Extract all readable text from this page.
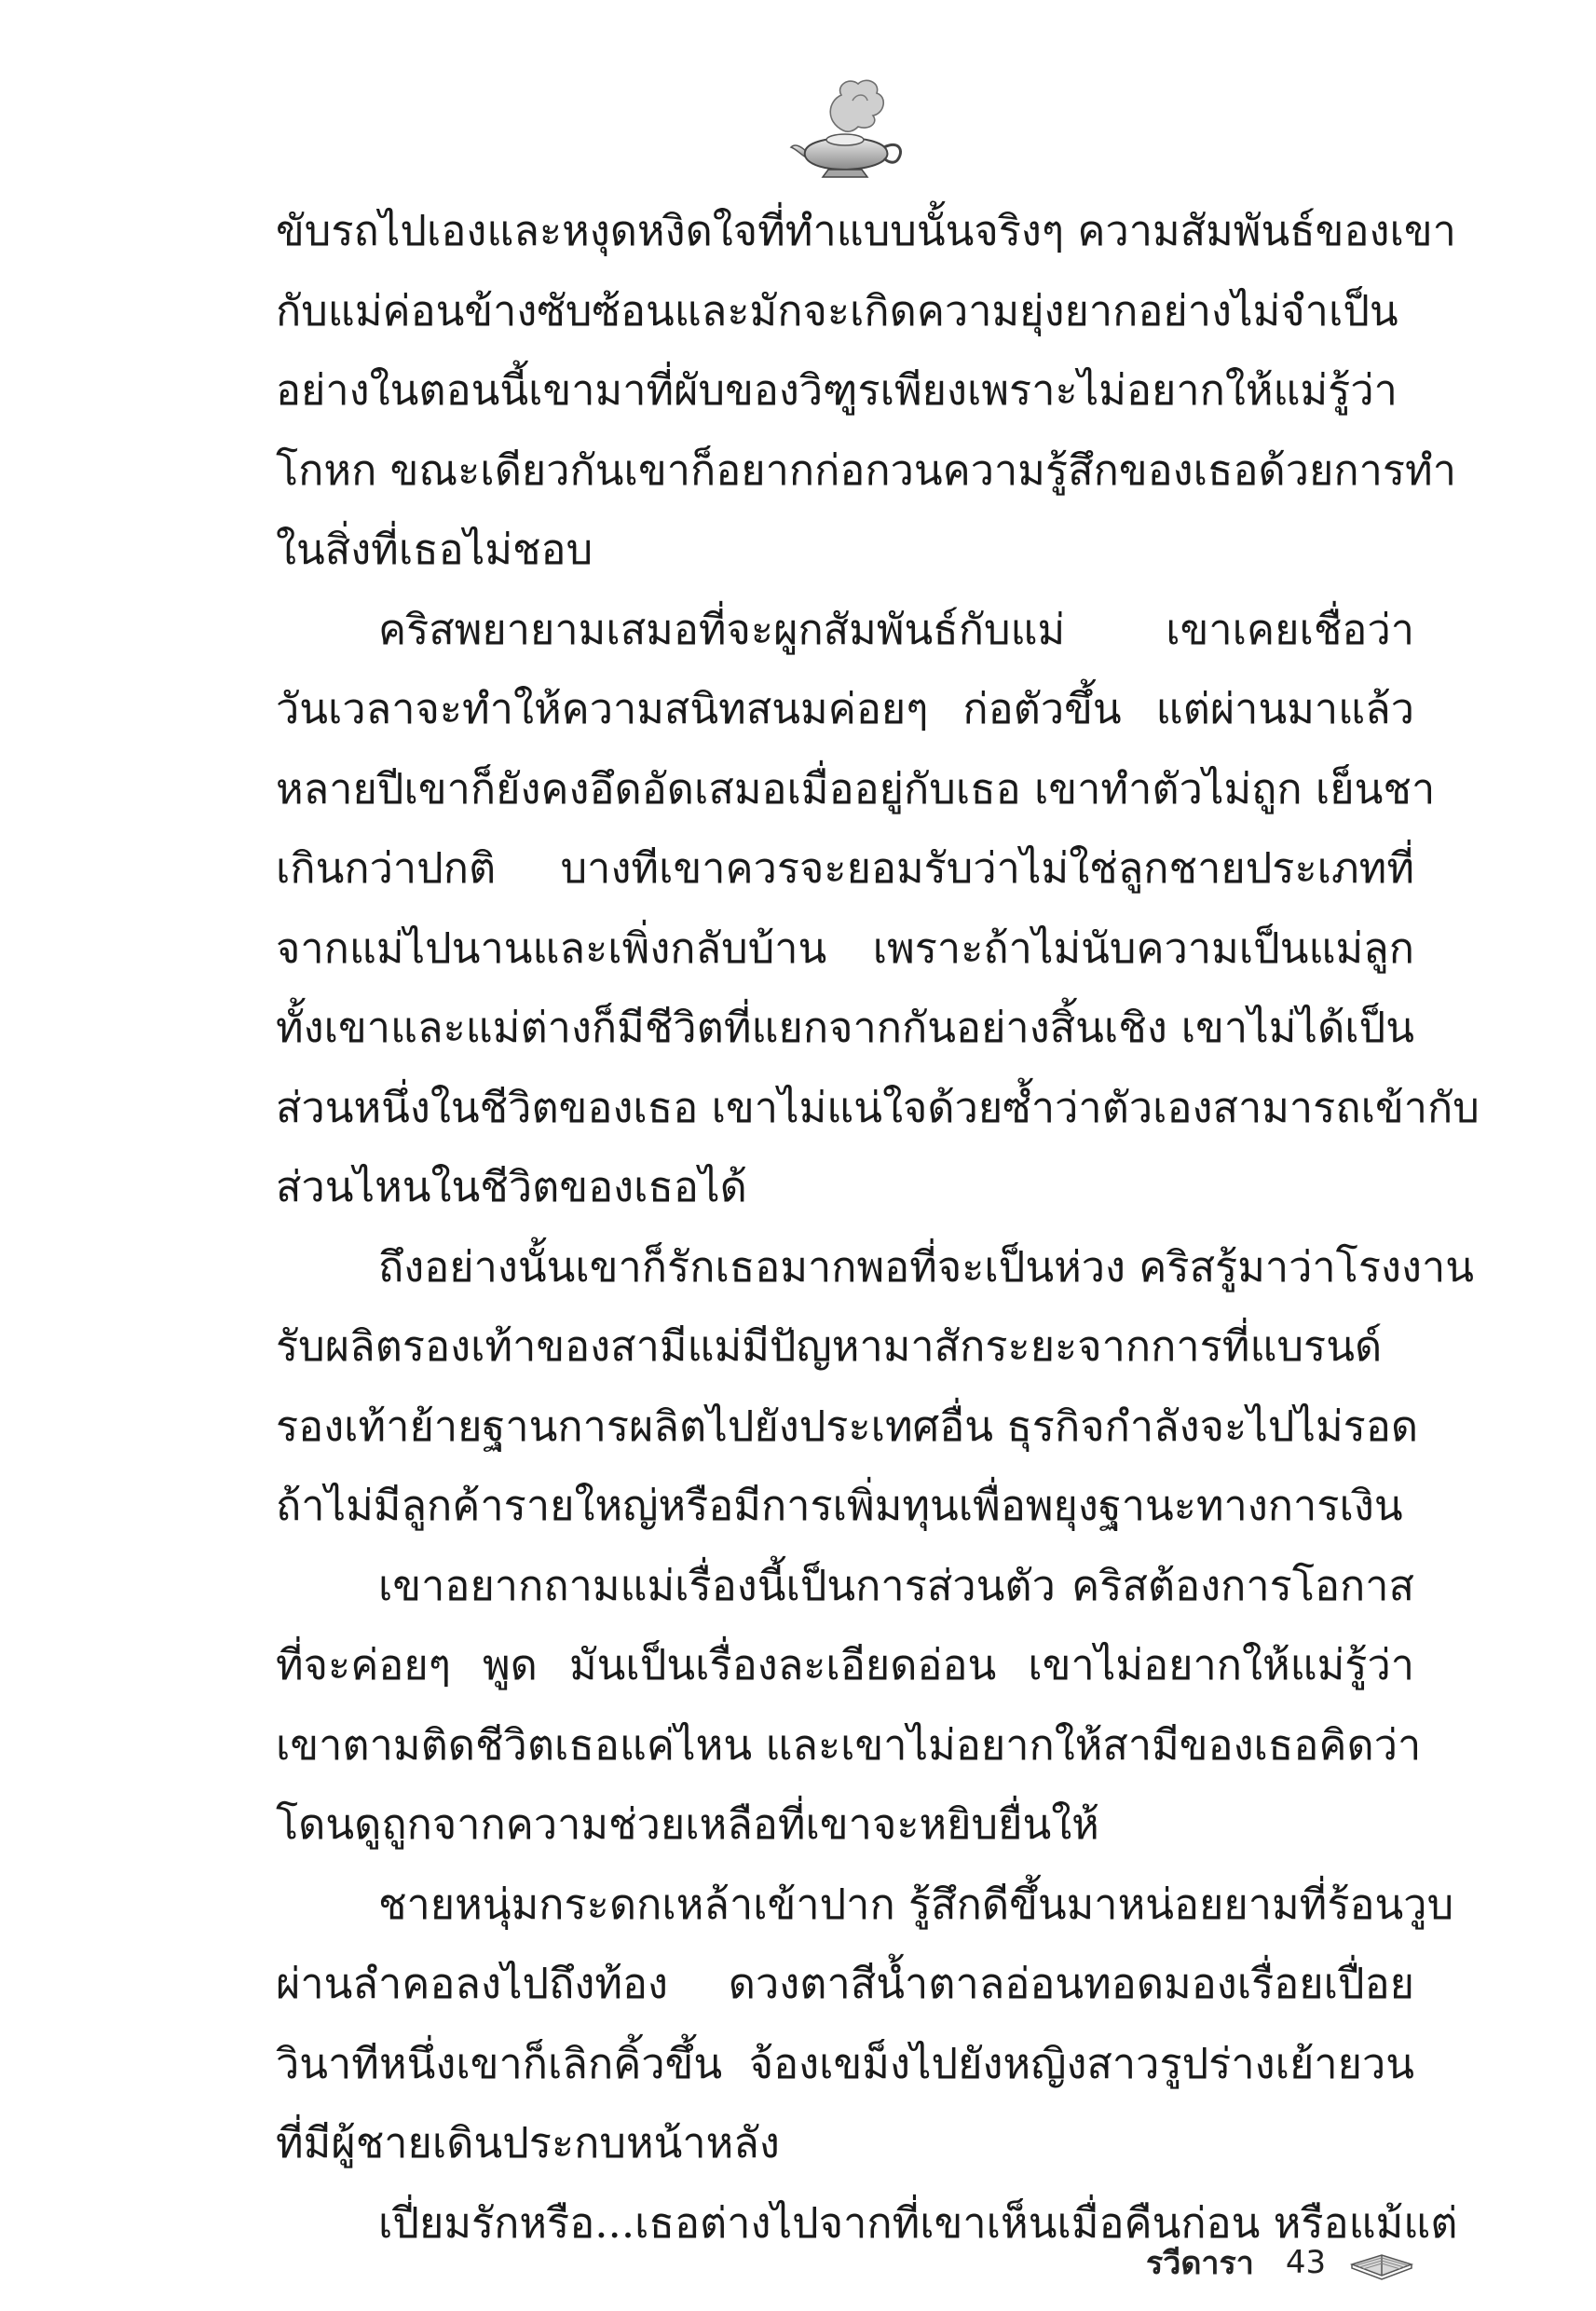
ขับรถไปเองและหงุดหงิดใจที่ทำแบบนั้นจริงๆ ความสัมพันธ์ของเขา
กับแม่ค่อนข้างซับซ้อนและมักจะเกิดความยุ่งยากอย่างไม่จำเป็น
อย่างในตอนนี้เขามาที่ผับของวิฑูรเพียงเพราะไม่อยากให้แม่รู้ว่า
โกหก ขณะเดียวกันเขาก็อยากก่อกวนความรู้สึกของเธอด้วยการทำ
ในสิ่งที่เธอไม่ชอบ
คริสพยายามเสมอที่จะผูกสัมพันธ์กับแม่ เขาเคยเชื่อว่า
วันเวลาจะทำให้ความสนิทสนมค่อยๆ ก่อตัวขึ้น แต่ผ่านมาแล้ว
หลายปีเขาก็ยังคงอึดอัดเสมอเมื่ออยู่กับเธอ เขาทำตัวไม่ถูก เย็นชา
เกินกว่าปกติ บางทีเขาควรจะยอมรับว่าไม่ใช่ลูกชายประเภทที่
จากแม่ไปนานและเพิ่งกลับบ้าน เพราะถ้าไม่นับความเป็นแม่ลูก
ทั้งเขาและแม่ต่างก็มีชีวิตที่แยกจากกันอย่างสิ้นเชิง เขาไม่ได้เป็น
ส่วนหนึ่งในชีวิตของเธอ เขาไม่แน่ใจด้วยซ้ำว่าตัวเองสามารถเข้ากับ
ส่วนไหนในชีวิตของเธอได้
ถึงอย่างนั้นเขาก็รักเธอมากพอที่จะเป็นห่วง คริสรู้มาว่าโรงงาน
รับผลิตรองเท้าของสามีแม่มีปัญหามาสักระยะจากการที่แบรนด์
รองเท้าย้ายฐานการผลิตไปยังประเทศอื่น ธุรกิจกำลังจะไปไม่รอด
ถ้าไม่มีลูกค้ารายใหญ่หรือมีการเพิ่มทุนเพื่อพยุงฐานะทางการเงิน
เขาอยากถามแม่เรื่องนี้เป็นการส่วนตัว คริสต้องการโอกาส
ที่จะค่อยๆ พูด มันเป็นเรื่องละเอียดอ่อน เขาไม่อยากให้แม่รู้ว่า
เขาตามติดชีวิตเธอแค่ไหน และเขาไม่อยากให้สามีของเธอคิดว่า
โดนดูถูกจากความช่วยเหลือที่เขาจะหยิบยื่นให้
ชายหนุ่มกระดกเหล้าเข้าปาก รู้สึกดีขึ้นมาหน่อยยามที่ร้อนวูบ
ผ่านลำคอลงไปถึงท้อง ดวงตาสีน้ำตาลอ่อนทอดมองเรื่อยเปื่อย
วินาทีหนึ่งเขาก็เลิกคิ้วขึ้น จ้องเขม็งไปยังหญิงสาวรูปร่างเย้ายวน
ที่มีผู้ชายเดินประกบหน้าหลัง
เปี่ยมรักหรือ...เธอต่างไปจากที่เขาเห็นเมื่อคืนก่อน หรือแม้แต่
รวีดารา 43
